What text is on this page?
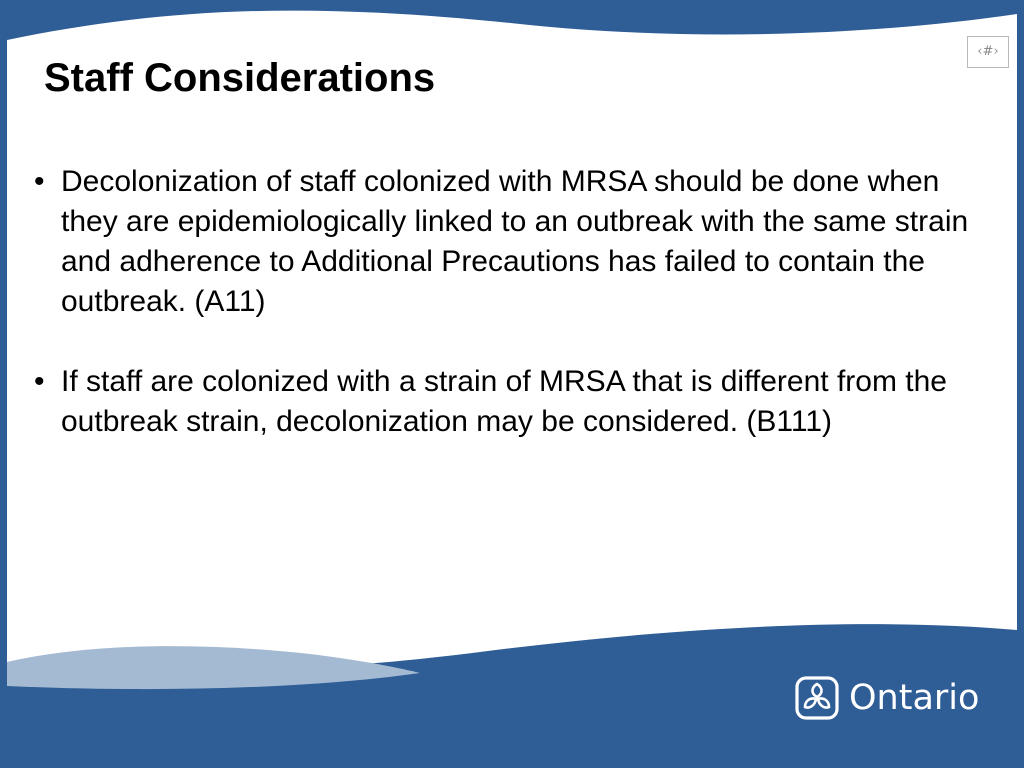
Staff Considerations
‹#›
• Decolonization of staff colonized with MRSA should be done when they are epidemiologically linked to an outbreak with the same strain and adherence to Additional Precautions has failed to contain the outbreak. (A11)
• If staff are colonized with a strain of MRSA that is different from the outbreak strain, decolonization may be considered. (B111)
Ontario
